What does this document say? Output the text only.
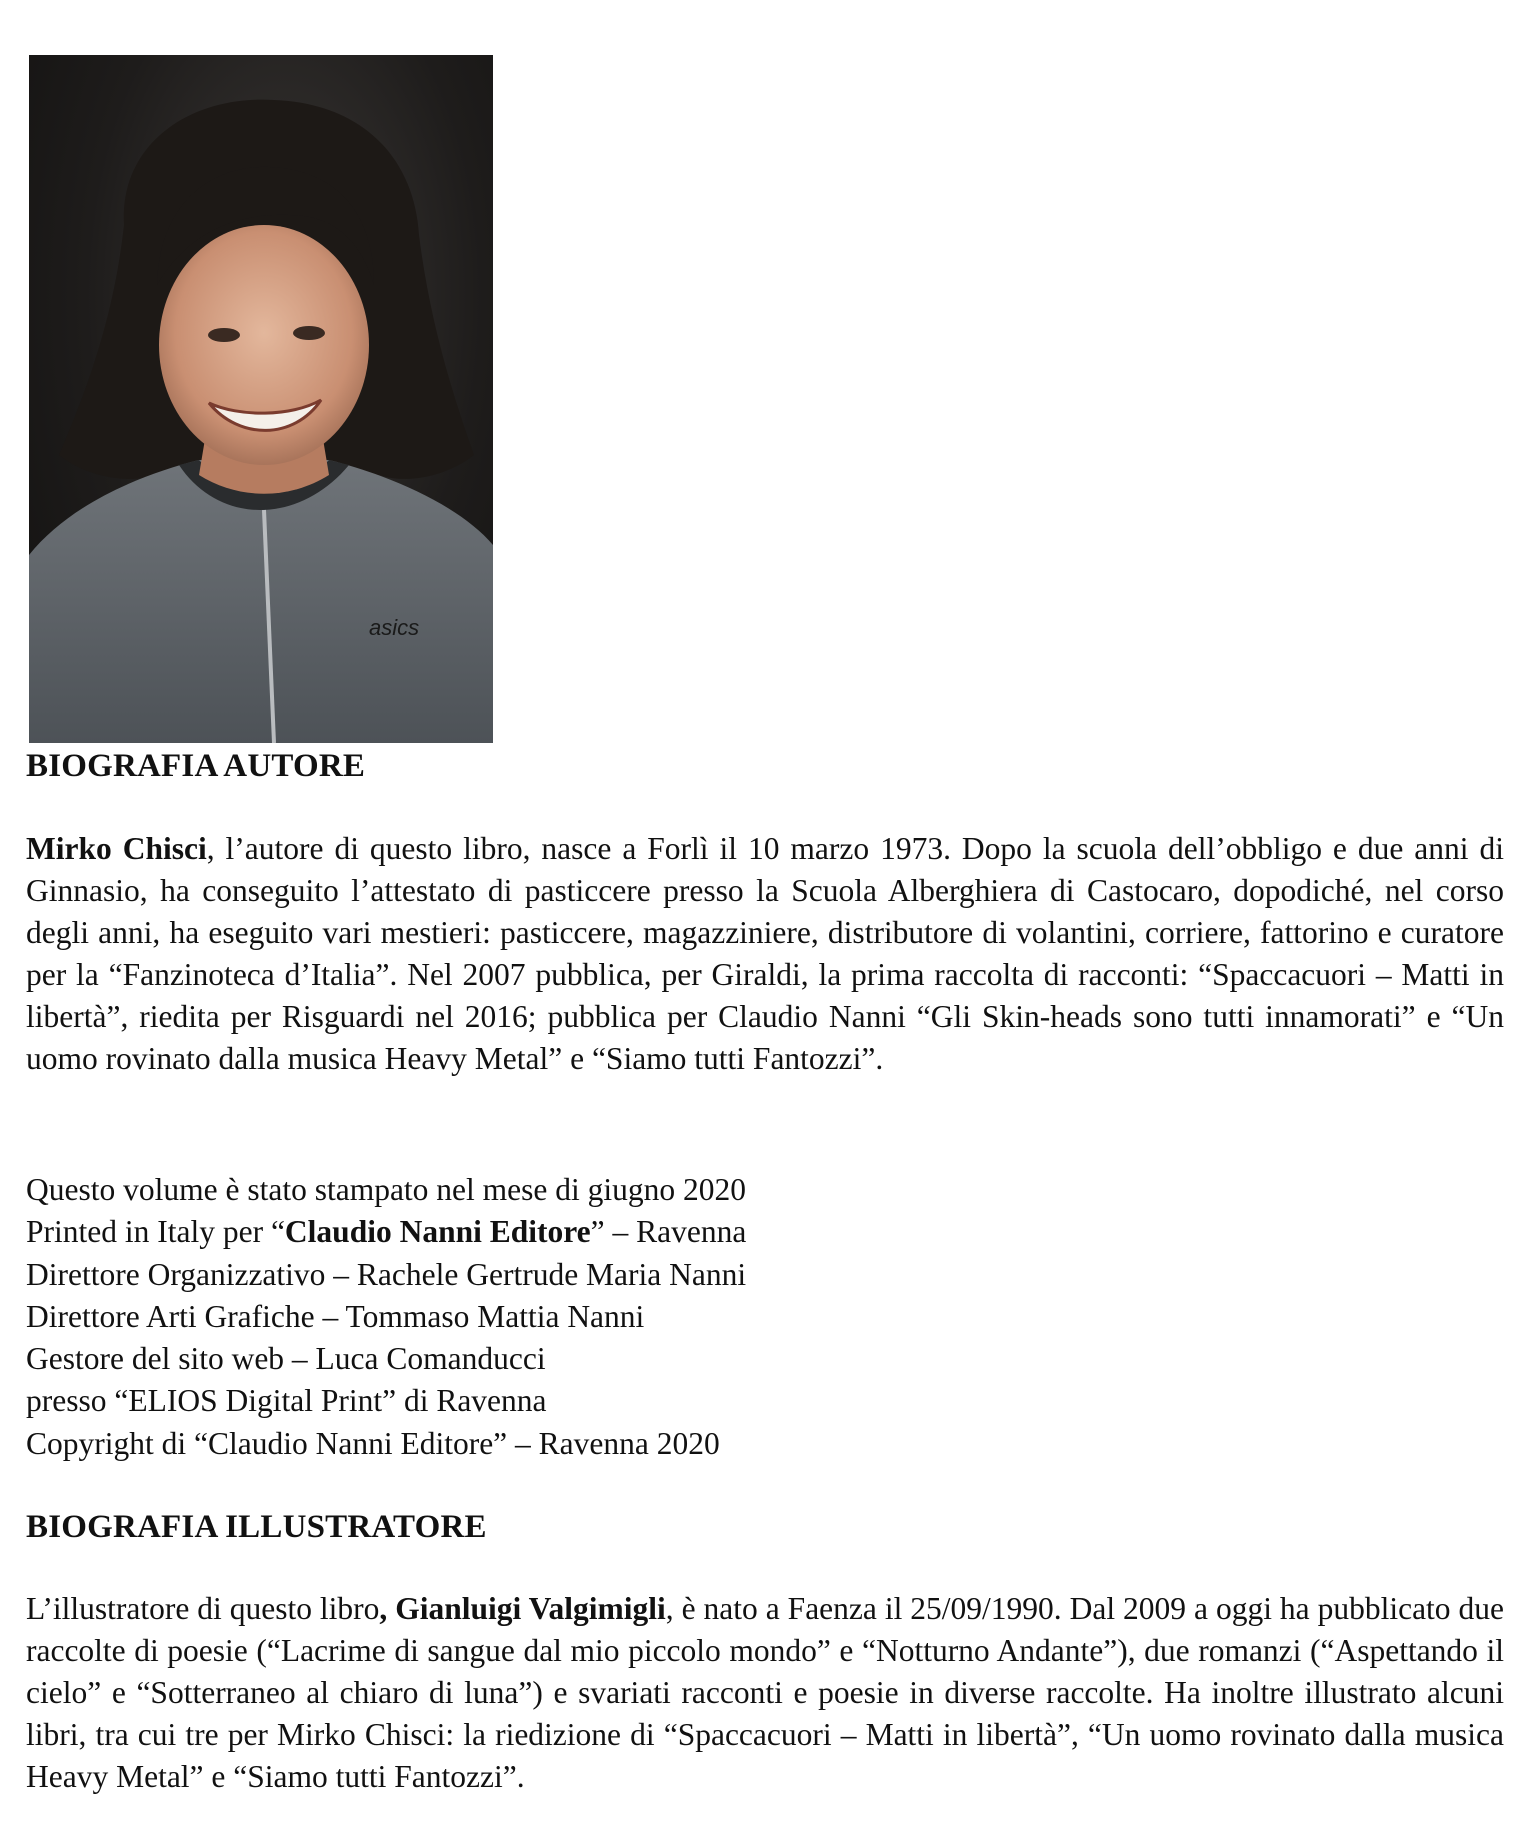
asics
BIOGRAFIA AUTORE

Mirko Chisci, l’autore di questo libro, nasce a Forlì il 10 marzo 1973. Dopo la scuola dell’obbligo e due anni di Ginnasio, ha conseguito l’attestato di pasticcere presso la Scuola Alberghiera di Castocaro, dopodiché, nel corso degli anni, ha eseguito vari mestieri: pasticcere, magazziniere, distributore di volantini, corriere, fattorino e curatore per la “Fanzinoteca d’Italia”. Nel 2007 pubblica, per Giraldi, la prima raccolta di racconti: “Spaccacuori – Matti in libertà”, riedita per Risguardi nel 2016; pubblica per Claudio Nanni “Gli Skin-heads sono tutti innamorati” e “Un uomo rovinato dalla musica Heavy Metal” e “Siamo tutti Fantozzi”.

Questo volume è stato stampato nel mese di giugno 2020
Printed in Italy per “Claudio Nanni Editore” – Ravenna
Direttore Organizzativo – Rachele Gertrude Maria Nanni
Direttore Arti Grafiche – Tommaso Mattia Nanni
Gestore del sito web – Luca Comanducci
presso “ELIOS Digital Print” di Ravenna
Copyright di “Claudio Nanni Editore” – Ravenna 2020
BIOGRAFIA ILLUSTRATORE

L’illustratore di questo libro, Gianluigi Valgimigli, è nato a Faenza il 25/09/1990. Dal 2009 a oggi ha pubblicato due raccolte di poesie (“Lacrime di sangue dal mio piccolo mondo” e “Notturno Andante”), due romanzi (“Aspettando il cielo” e “Sotterraneo al chiaro di luna”) e svariati racconti e poesie in diverse raccolte. Ha inoltre illustrato alcuni libri, tra cui tre per Mirko Chisci: la riedizione di “Spaccacuori – Matti in libertà”, “Un uomo rovinato dalla musica Heavy Metal” e “Siamo tutti Fantozzi”.
